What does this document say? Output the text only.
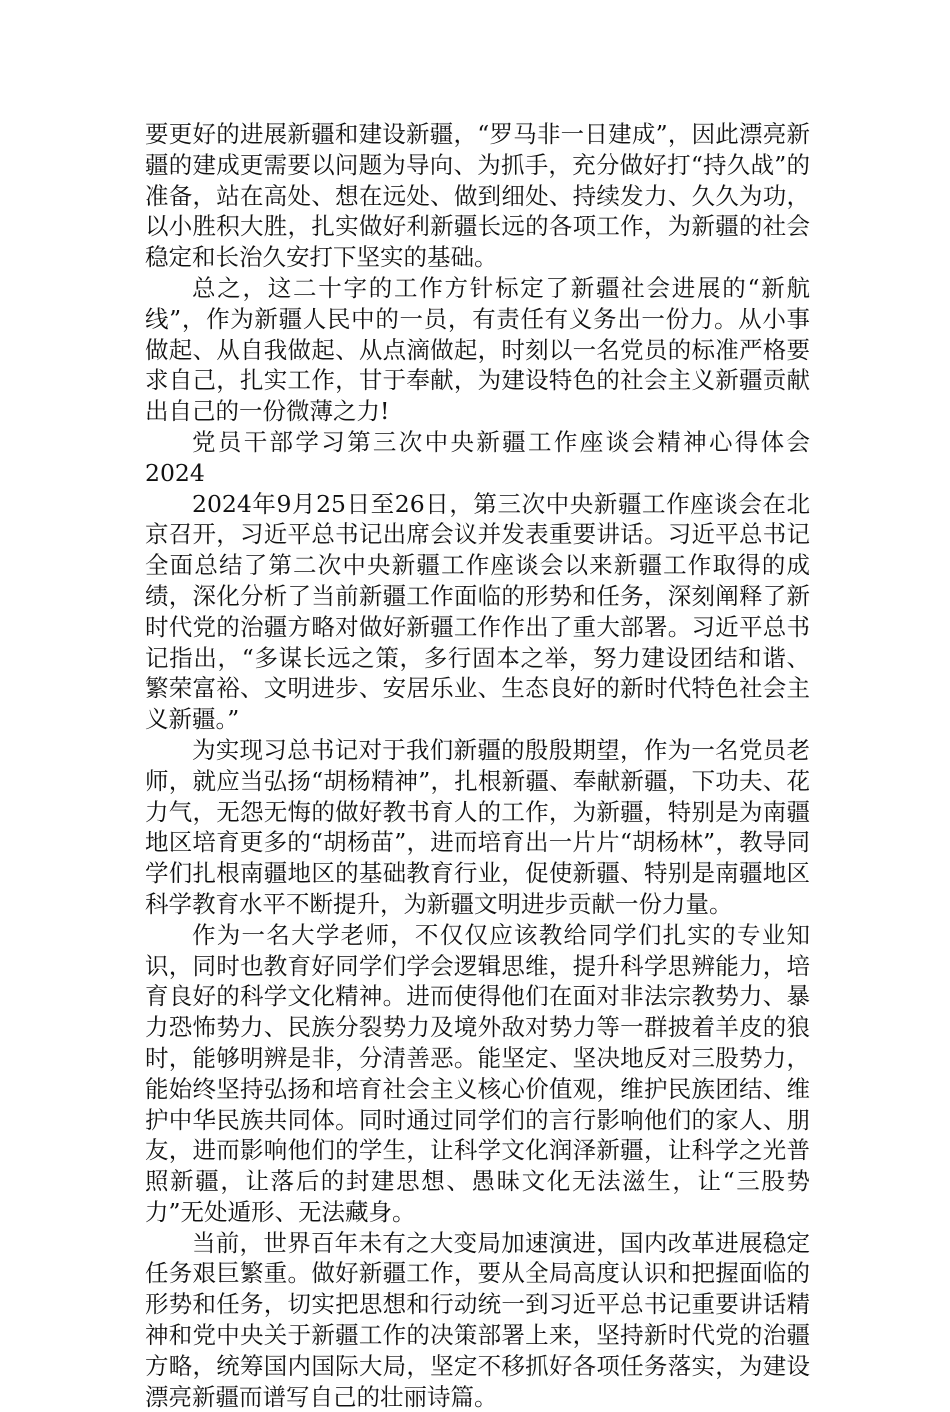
要更好的进展新疆和建设新疆，“罗马非一日建成”，因此漂亮新疆的建成更需要以问题为导向、为抓手，充分做好打“持久战”的准备，站在高处、想在远处、做到细处、持续发力、久久为功，以小胜积大胜，扎实做好利新疆长远的各项工作，为新疆的社会稳定和长治久安打下坚实的基础。

总之，这二十字的工作方针标定了新疆社会进展的“新航线”，作为新疆人民中的一员，有责任有义务出一份力。从小事做起、从自我做起、从点滴做起，时刻以一名党员的标准严格要求自己，扎实工作，甘于奉献，为建设特色的社会主义新疆贡献出自己的一份微薄之力!

党员干部学习第三次中央新疆工作座谈会精神心得体会2024

2024年9月25日至26日，第三次中央新疆工作座谈会在北京召开，习近平总书记出席会议并发表重要讲话。习近平总书记全面总结了第二次中央新疆工作座谈会以来新疆工作取得的成绩，深化分析了当前新疆工作面临的形势和任务，深刻阐释了新时代党的治疆方略对做好新疆工作作出了重大部署。习近平总书记指出，“多谋长远之策，多行固本之举，努力建设团结和谐、繁荣富裕、文明进步、安居乐业、生态良好的新时代特色社会主义新疆。”

为实现习总书记对于我们新疆的殷殷期望，作为一名党员老师，就应当弘扬“胡杨精神”，扎根新疆、奉献新疆，下功夫、花力气，无怨无悔的做好教书育人的工作，为新疆，特别是为南疆地区培育更多的“胡杨苗”，进而培育出一片片“胡杨林”，教导同学们扎根南疆地区的基础教育行业，促使新疆、特别是南疆地区科学教育水平不断提升，为新疆文明进步贡献一份力量。

作为一名大学老师，不仅仅应该教给同学们扎实的专业知识，同时也教育好同学们学会逻辑思维，提升科学思辨能力，培育良好的科学文化精神。进而使得他们在面对非法宗教势力、暴力恐怖势力、民族分裂势力及境外敌对势力等一群披着羊皮的狼时，能够明辨是非，分清善恶。能坚定、坚决地反对三股势力，能始终坚持弘扬和培育社会主义核心价值观，维护民族团结、维护中华民族共同体。同时通过同学们的言行影响他们的家人、朋友，进而影响他们的学生，让科学文化润泽新疆，让科学之光普照新疆，让落后的封建思想、愚昧文化无法滋生，让“三股势力”无处遁形、无法藏身。

当前，世界百年未有之大变局加速演进，国内改革进展稳定任务艰巨繁重。做好新疆工作，要从全局高度认识和把握面临的形势和任务，切实把思想和行动统一到习近平总书记重要讲话精神和党中央关于新疆工作的决策部署上来，坚持新时代党的治疆方略，统筹国内国际大局，坚定不移抓好各项任务落实，为建设漂亮新疆而谱写自己的壮丽诗篇。
